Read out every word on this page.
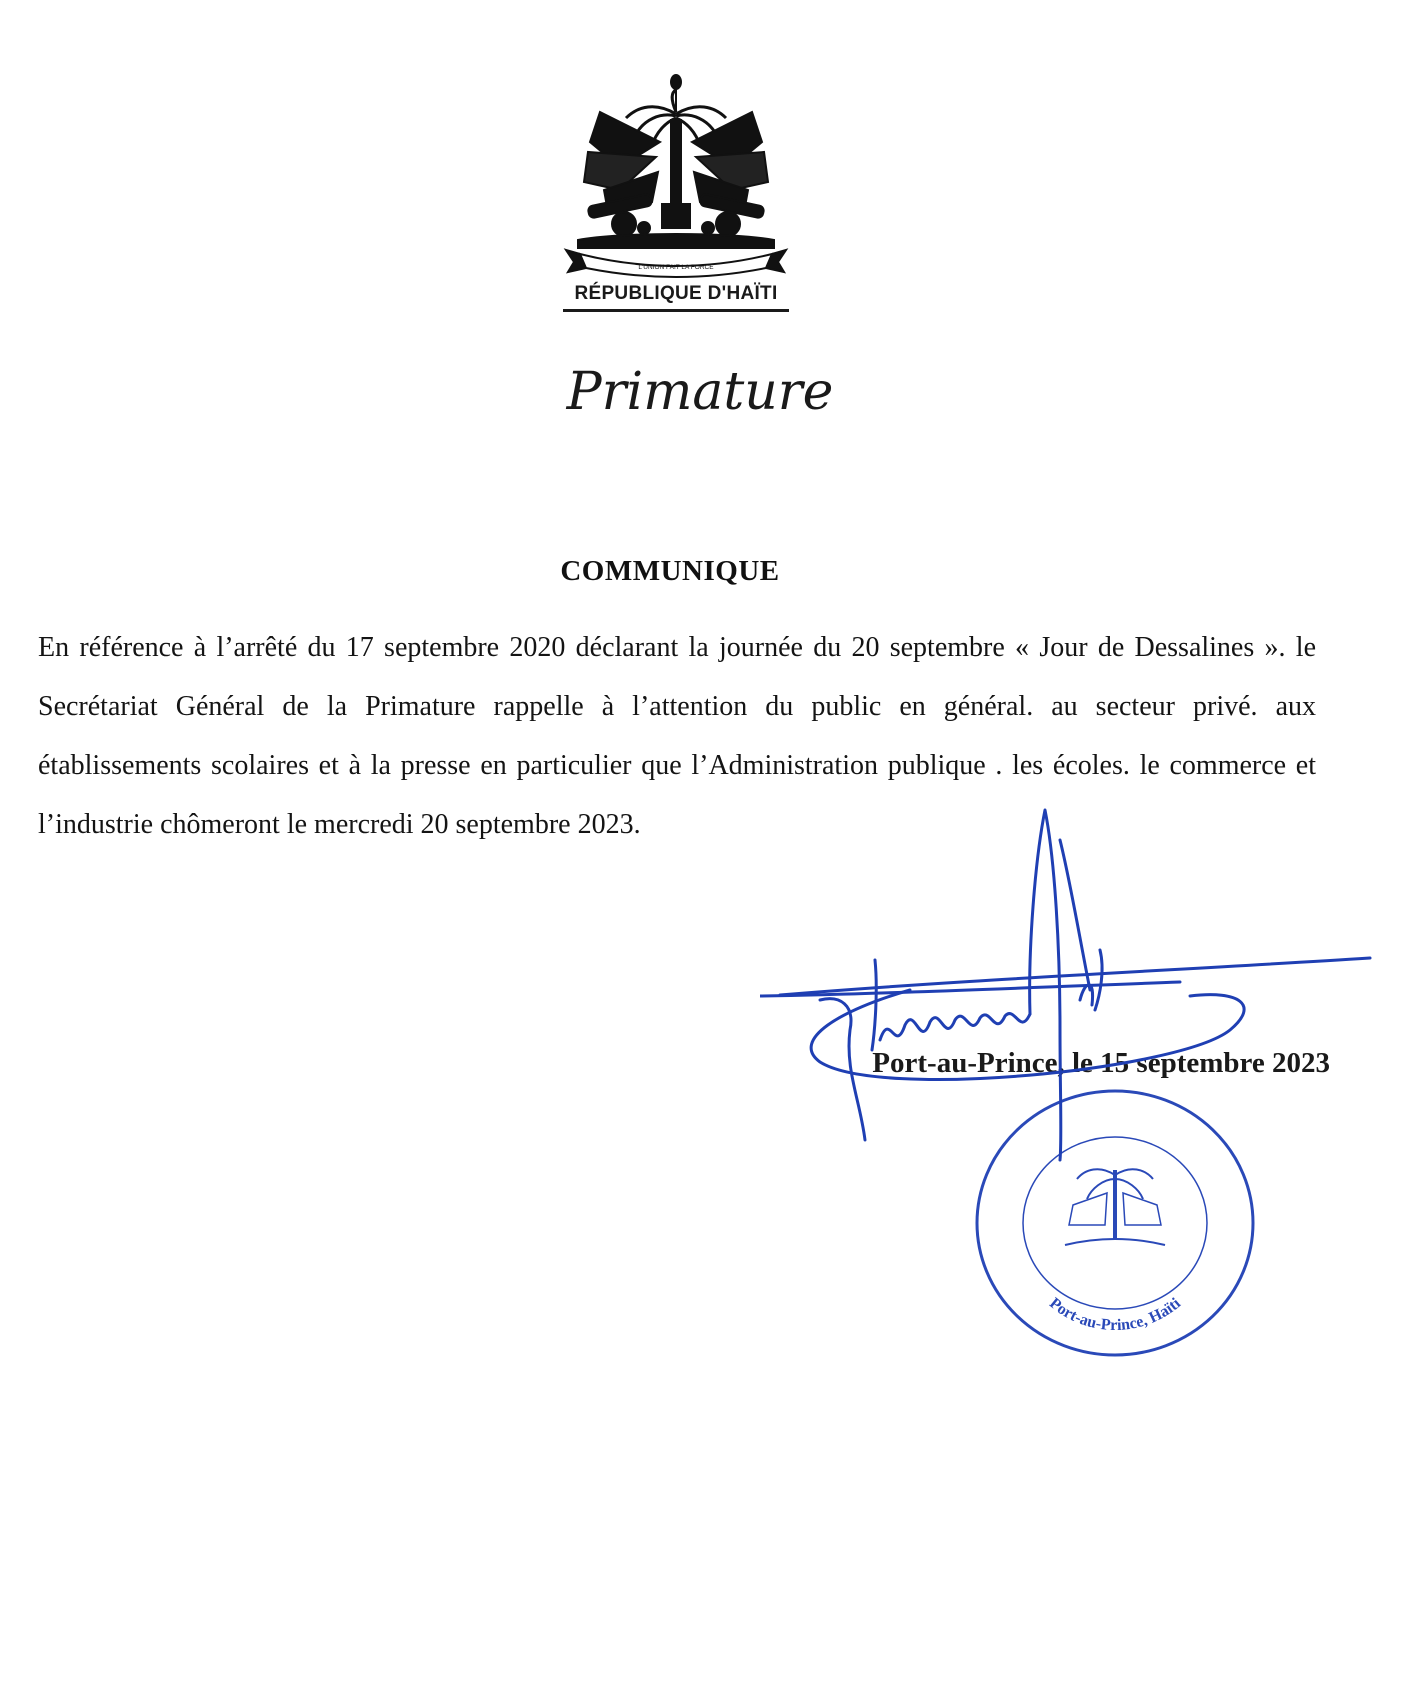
L'UNION FAIT LA FORCE
RÉPUBLIQUE D'HAÏTI
Primature
COMMUNIQUE
En référence à l’arrêté du 17 septembre 2020 déclarant la journée du 20 septembre « Jour de Dessalines ». le Secrétariat Général de la Primature rappelle à l’attention du public en général. au secteur privé. aux établissements scolaires et à la presse en particulier que l’Administration publique . les écoles. le commerce et l’industrie chômeront le mercredi 20 septembre 2023.
Port-au-Prince, le 15 septembre 2023
Port-au-Prince, Haïti
